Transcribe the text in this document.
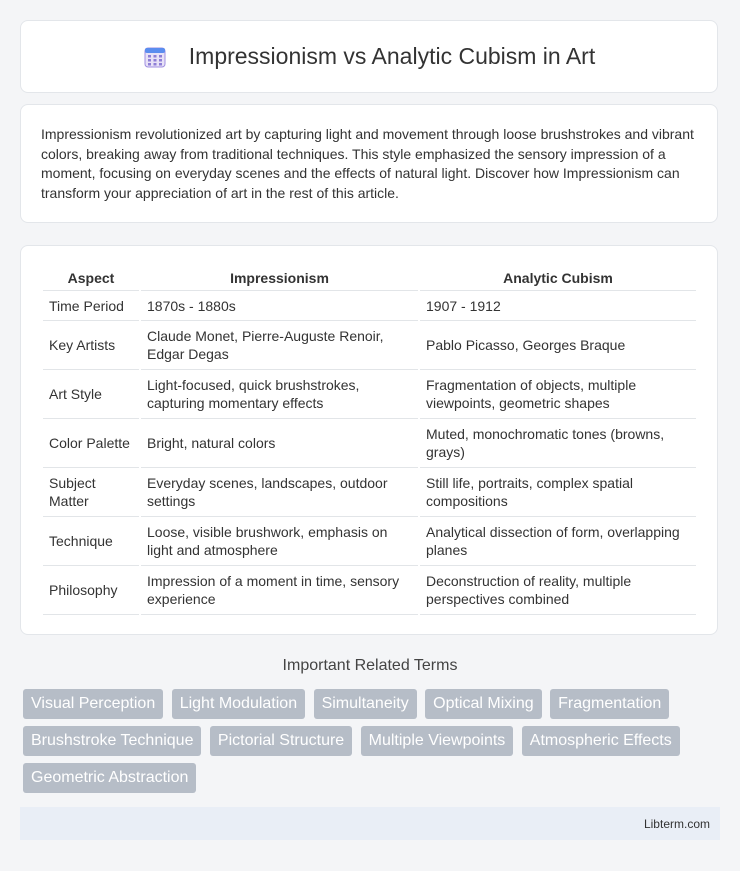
Impressionism vs Analytic Cubism in Art

Impressionism revolutionized art by capturing light and movement through loose brushstrokes and vibrant colors, breaking away from traditional techniques. This style emphasized the sensory impression of a moment, focusing on everyday scenes and the effects of natural light. Discover how Impressionism can transform your appreciation of art in the rest of this article.

Aspect	Impressionism	Analytic Cubism
Time Period	1870s - 1880s	1907 - 1912
Key Artists	Claude Monet, Pierre-Auguste Renoir, Edgar Degas	Pablo Picasso, Georges Braque
Art Style	Light-focused, quick brushstrokes, capturing momentary effects	Fragmentation of objects, multiple viewpoints, geometric shapes
Color Palette	Bright, natural colors	Muted, monochromatic tones (browns, grays)
Subject Matter	Everyday scenes, landscapes, outdoor settings	Still life, portraits, complex spatial compositions
Technique	Loose, visible brushwork, emphasis on light and atmosphere	Analytical dissection of form, overlapping planes
Philosophy	Impression of a moment in time, sensory experience	Deconstruction of reality, multiple perspectives combined
Important Related Terms
Visual Perception Light Modulation Simultaneity Optical Mixing Fragmentation Brushstroke Technique Pictorial Structure Multiple Viewpoints Atmospheric Effects Geometric Abstraction
Libterm.com
